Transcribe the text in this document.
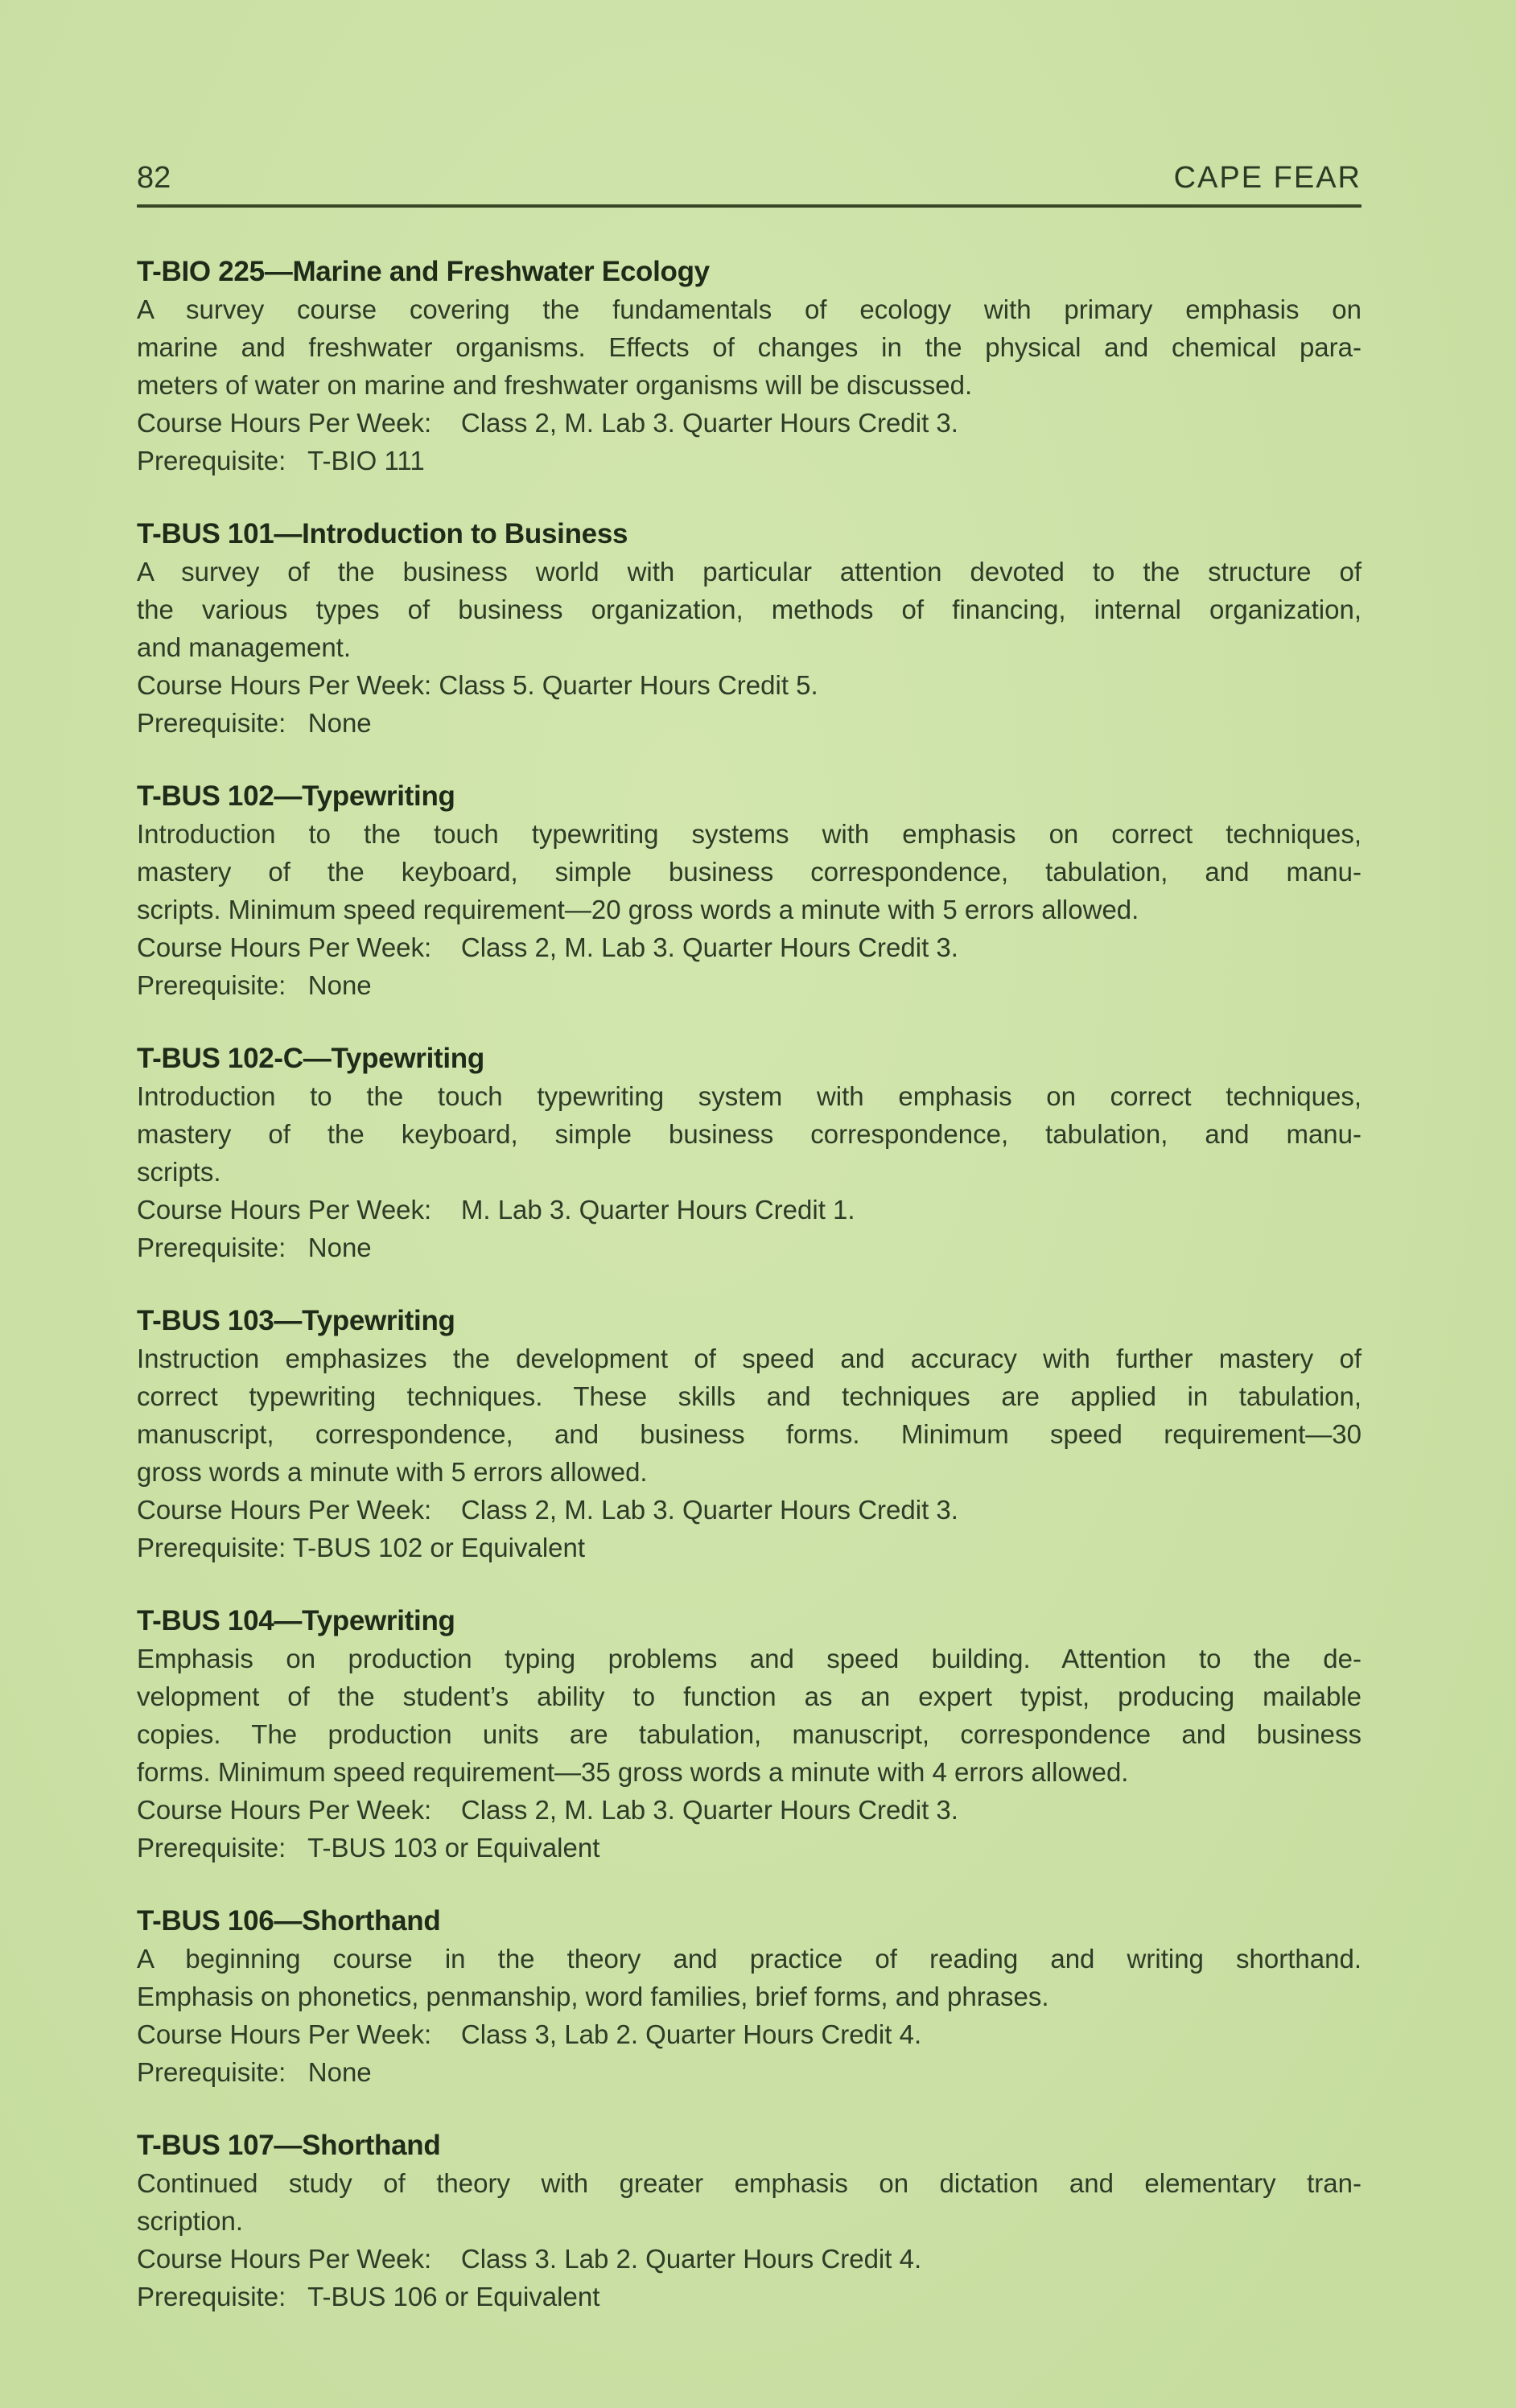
82	CAPE FEAR
T-BIO 225—Marine and Freshwater Ecology
A survey course covering the fundamentals of ecology with primary emphasis on
marine and freshwater organisms. Effects of changes in the physical and chemical para-
meters of water on marine and freshwater organisms will be discussed.
Course Hours Per Week:    Class 2, M. Lab 3. Quarter Hours Credit 3.
Prerequisite:   T-BIO 111
T-BUS 101—Introduction to Business
A survey of the business world with particular attention devoted to the structure of
the various types of business organization, methods of financing, internal organization,
and management.
Course Hours Per Week: Class 5. Quarter Hours Credit 5.
Prerequisite:   None
T-BUS 102—Typewriting
Introduction to the touch typewriting systems with emphasis on correct techniques,
mastery of the keyboard, simple business correspondence, tabulation, and manu-
scripts. Minimum speed requirement—20 gross words a minute with 5 errors allowed.
Course Hours Per Week:    Class 2, M. Lab 3. Quarter Hours Credit 3.
Prerequisite:   None
T-BUS 102-C—Typewriting
Introduction to the touch typewriting system with emphasis on correct techniques,
mastery of the keyboard, simple business correspondence, tabulation, and manu-
scripts.
Course Hours Per Week:    M. Lab 3. Quarter Hours Credit 1.
Prerequisite:   None
T-BUS 103—Typewriting
Instruction emphasizes the development of speed and accuracy with further mastery of
correct typewriting techniques. These skills and techniques are applied in tabulation,
manuscript, correspondence, and business forms. Minimum speed requirement—30
gross words a minute with 5 errors allowed.
Course Hours Per Week:    Class 2, M. Lab 3. Quarter Hours Credit 3.
Prerequisite: T-BUS 102 or Equivalent
T-BUS 104—Typewriting
Emphasis on production typing problems and speed building. Attention to the de-
velopment of the student’s ability to function as an expert typist, producing mailable
copies. The production units are tabulation, manuscript, correspondence and business
forms. Minimum speed requirement—35 gross words a minute with 4 errors allowed.
Course Hours Per Week:    Class 2, M. Lab 3. Quarter Hours Credit 3.
Prerequisite:   T-BUS 103 or Equivalent
T-BUS 106—Shorthand
A beginning course in the theory and practice of reading and writing shorthand.
Emphasis on phonetics, penmanship, word families, brief forms, and phrases.
Course Hours Per Week:    Class 3, Lab 2. Quarter Hours Credit 4.
Prerequisite:   None
T-BUS 107—Shorthand
Continued study of theory with greater emphasis on dictation and elementary tran-
scription.
Course Hours Per Week:    Class 3. Lab 2. Quarter Hours Credit 4.
Prerequisite:   T-BUS 106 or Equivalent
